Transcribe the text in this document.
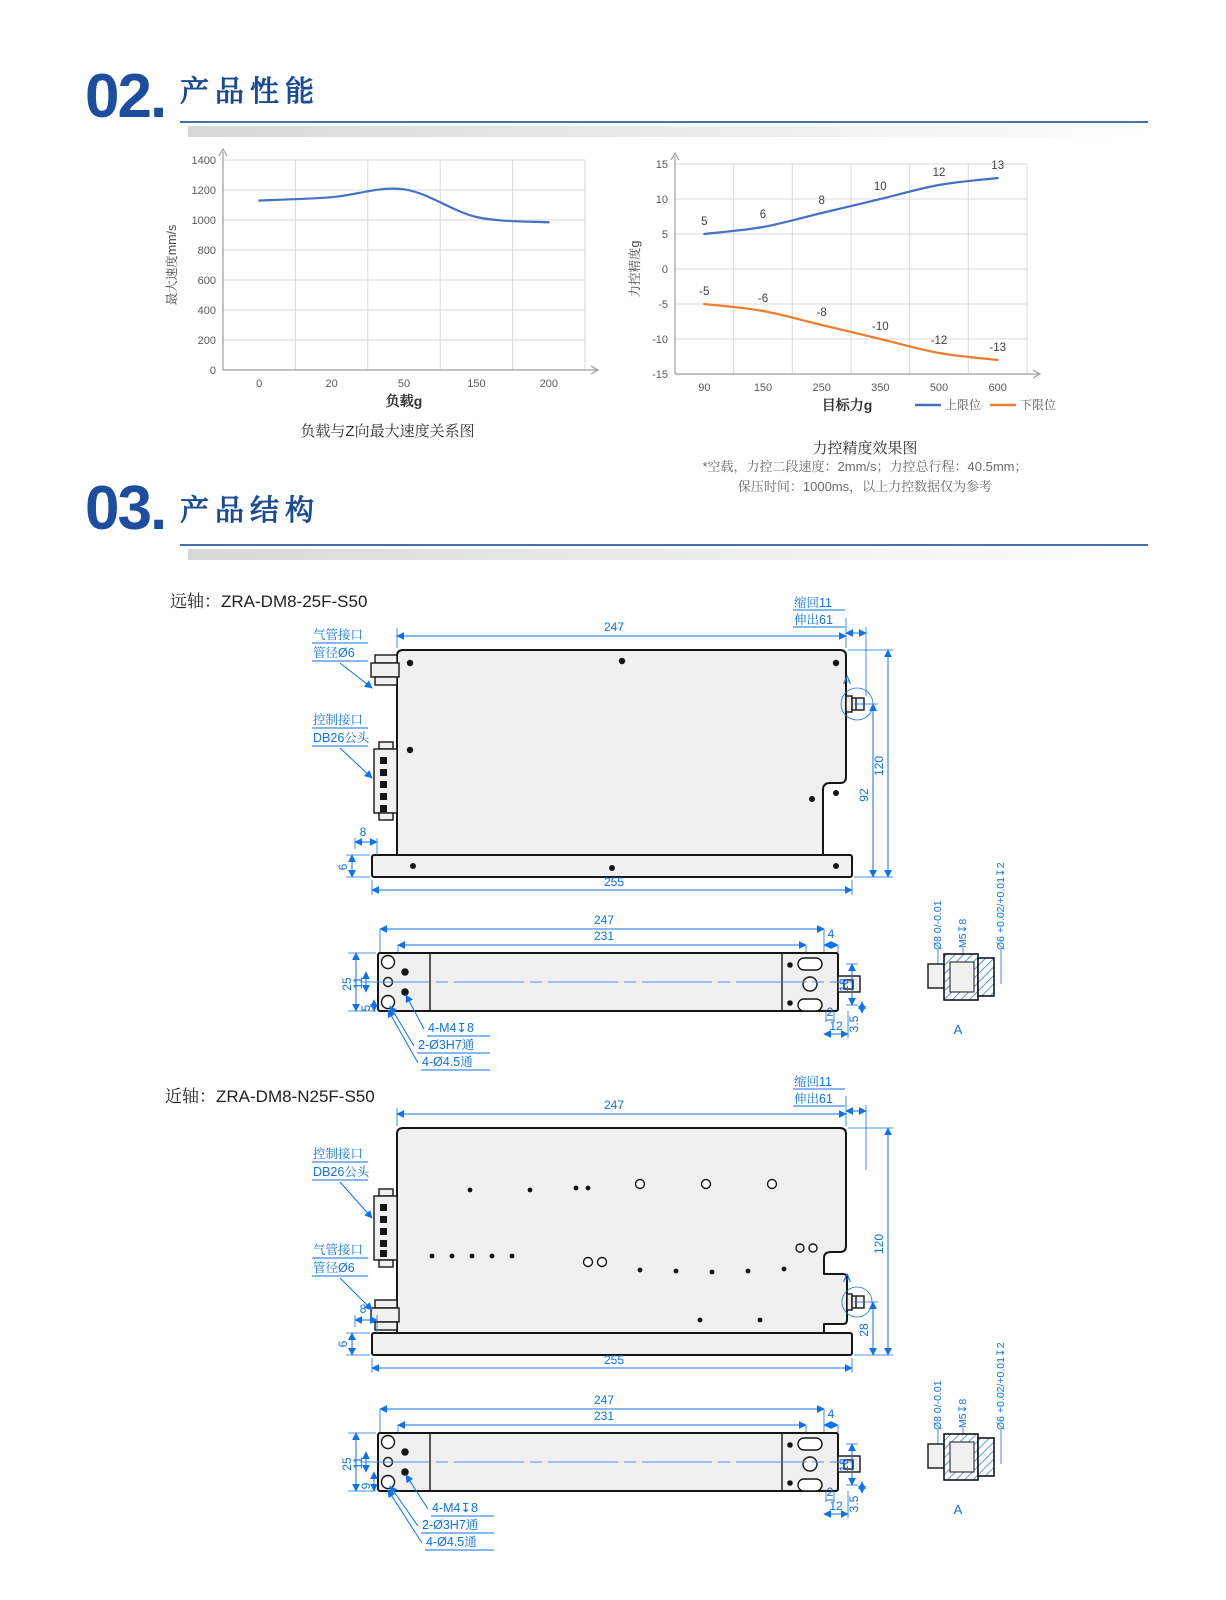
02. 产品性能
0
200
400
600
800
1000
1200
1400
0	20	50	150	200
最大速度mm/s
负载g
负载与Z向最大速度关系图
-15
-10
-5
0
5
10
15
90	150	250	350	500	600
5
6
8
10
12
13
-5
-6
-8
-10
-12
-13
力控精度g
目标力g	上限位	下限位
力控精度效果图
*空载，力控二段速度：2mm/s；力控总行程：40.5mm；
保压时间：1000ms，以上力控数据仅为参考
03. 产品结构
远轴：ZRA-DM8-25F-S50
A
247
缩回11
伸出61
92
120
8
6
255
气管接口
管径Ø6
控制接口
DB26公头
247
231	4
25
11
5
18
3.5
2
12
4-M4↧8
2-Ø3H7通
4-Ø4.5通
Ø8 0/-0.01 M5↧8 Ø6 +0.02/+0.01↧2
A
近轴：ZRA-DM8-N25F-S50
A
247
缩回11
伸出61
28
120
8
6
255
控制接口
DB26公头
气管接口
管径Ø6
247
231	4
25
11
9
18
3.5
2
12
4-M4↧8
2-Ø3H7通
4-Ø4.5通
Ø8 0/-0.01 M5↧8 Ø6 +0.02/+0.01↧2
A
